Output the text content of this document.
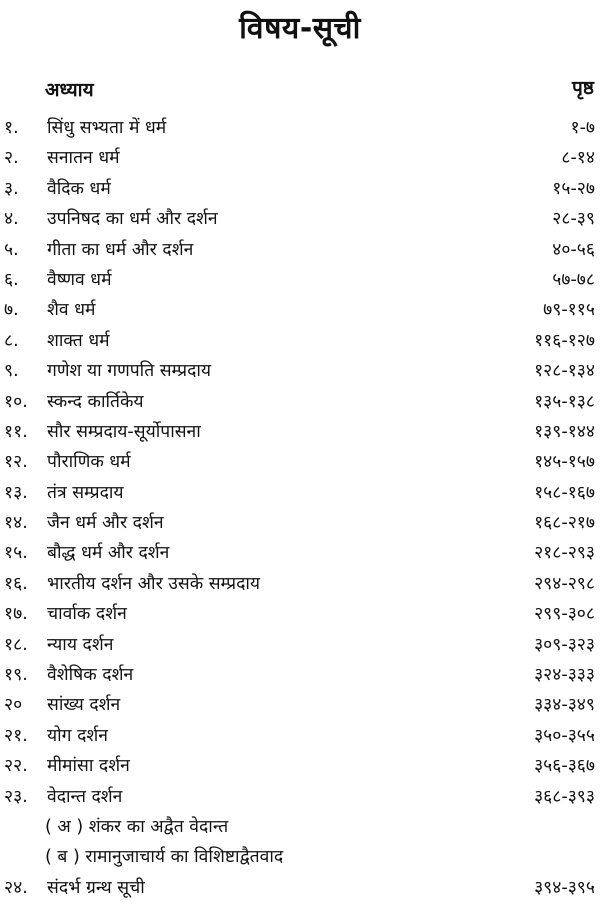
विषय-सूची
अध्याय	पृष्ठ
१. सिंधु सभ्यता में धर्म	१-७
२. सनातन धर्म	८-१४
३. वैदिक धर्म	१५-२७
४. उपनिषद का धर्म और दर्शन	२८-३९
५. गीता का धर्म और दर्शन	४०-५६
६. वैष्णव धर्म	५७-७८
७. शैव धर्म	७९-११५
८. शाक्त धर्म	११६-१२७
९. गणेश या गणपति सम्प्रदाय	१२८-१३४
१०. स्कन्द कार्तिकेय	१३५-१३८
११. सौर सम्प्रदाय-सूर्योपासना	१३९-१४४
१२. पौराणिक धर्म	१४५-१५७
१३. तंत्र सम्प्रदाय	१५८-१६७
१४. जैन धर्म और दर्शन	१६८-२१७
१५. बौद्ध धर्म और दर्शन	२१८-२९३
१६. भारतीय दर्शन और उसके सम्प्रदाय	२९४-२९८
१७. चार्वाक दर्शन	२९९-३०८
१८. न्याय दर्शन	३०९-३२३
१९. वैशेषिक दर्शन	३२४-३३३
२० सांख्य दर्शन	३३४-३४९
२१. योग दर्शन	३५०-३५५
२२. मीमांसा दर्शन	३५६-३६७
२३. वेदान्त दर्शन	३६८-३९३
( अ ) शंकर का अद्वैत वेदान्त
( ब ) रामानुजाचार्य का विशिष्टाद्वैतवाद
२४. संदर्भ ग्रन्थ सूची	३९४-३९५
